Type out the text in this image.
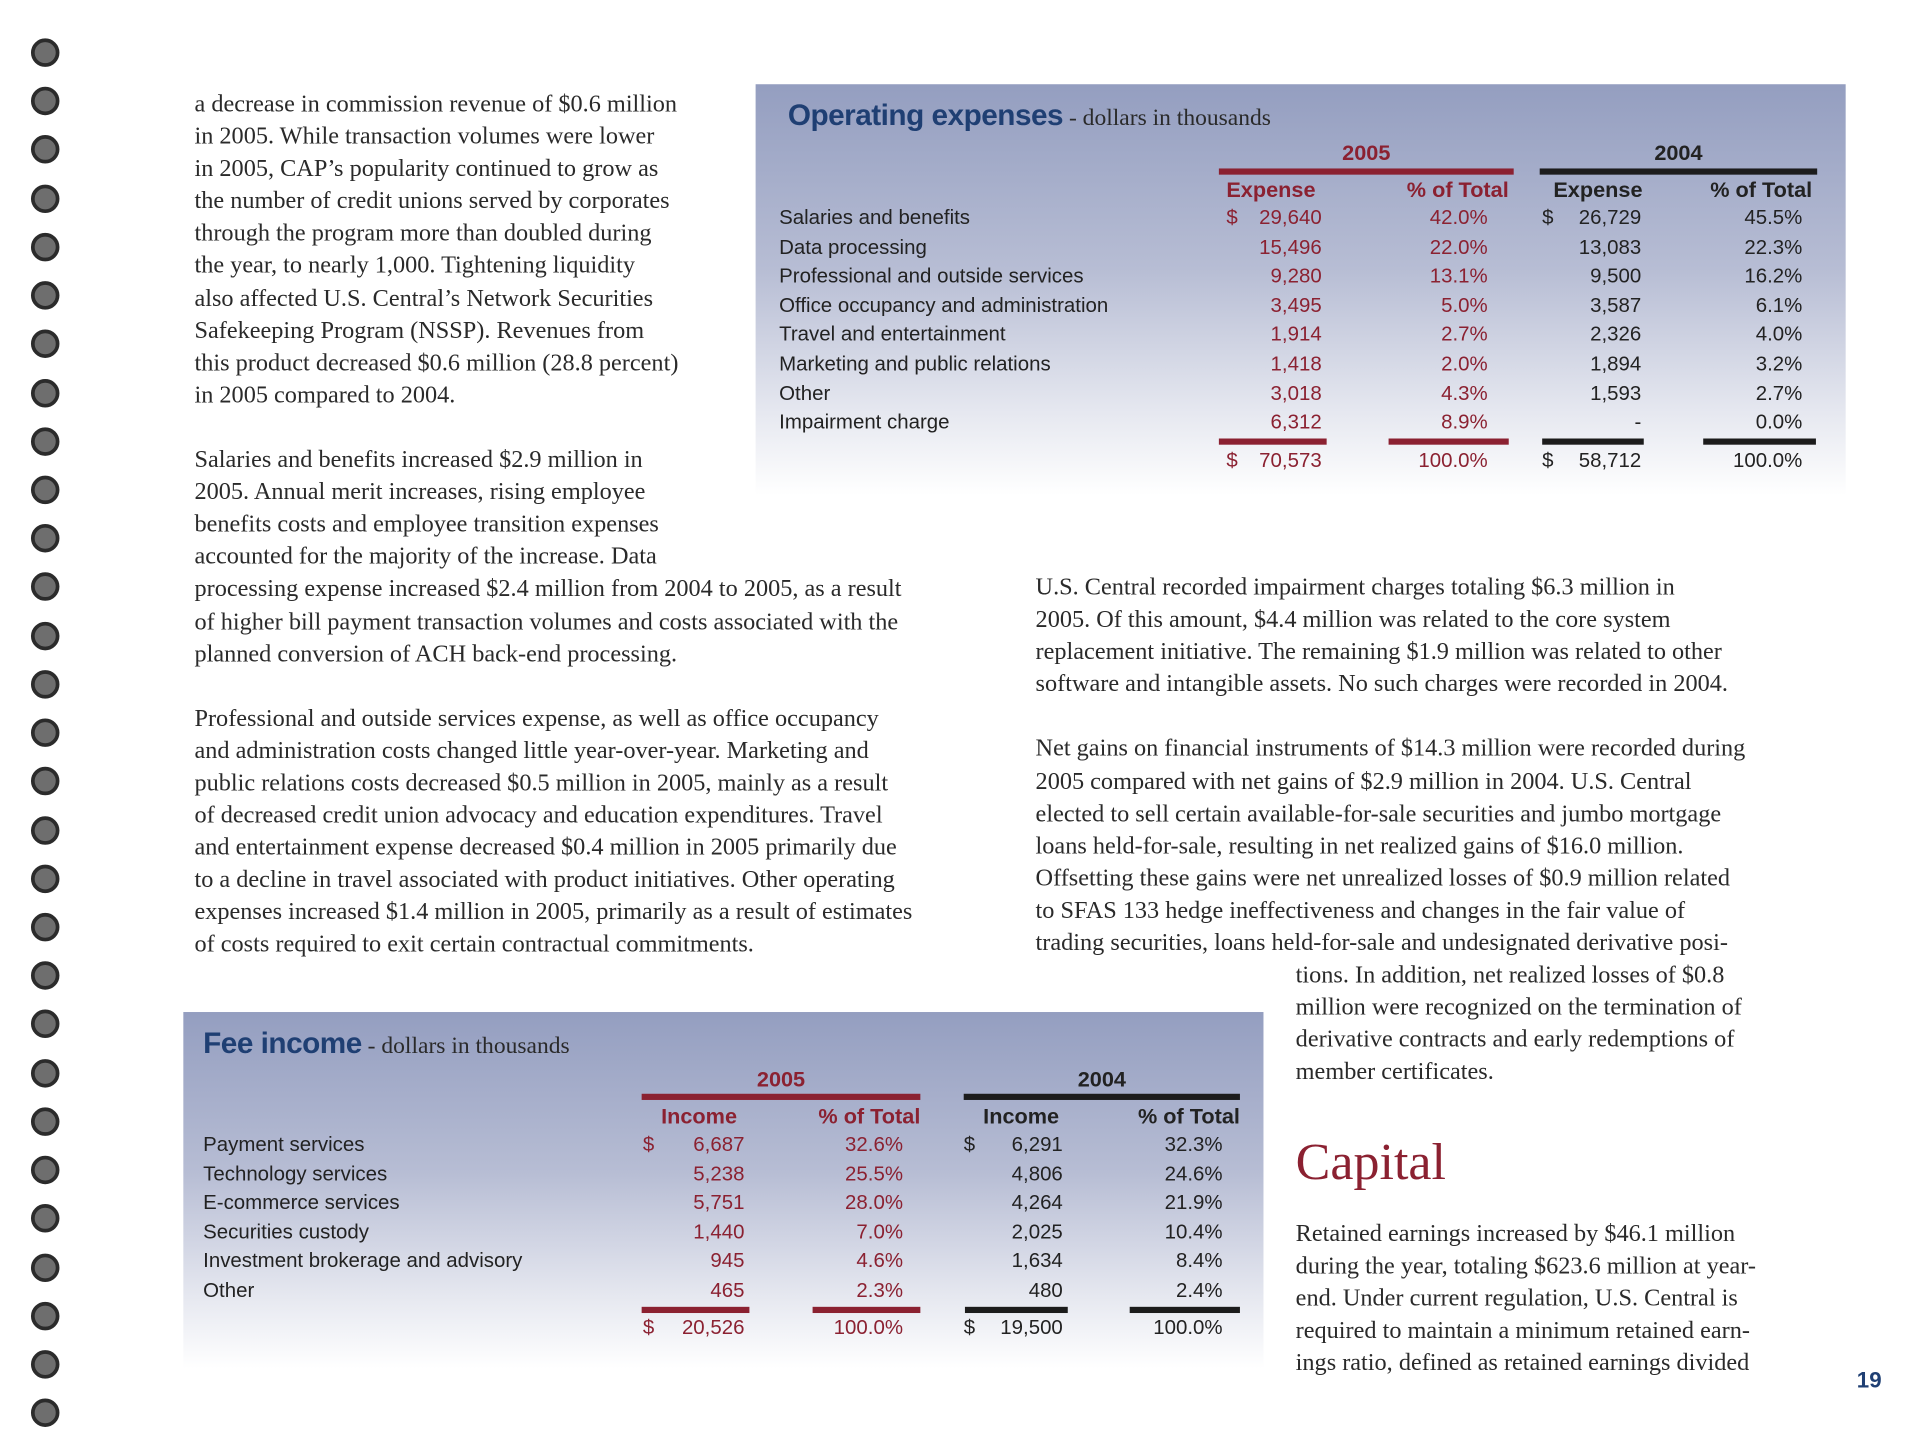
a decrease in commission revenue of $0.6 million
in 2005. While transaction volumes were lower
in 2005, CAP’s popularity continued to grow as
the number of credit unions served by corporates
through the program more than doubled during
the year, to nearly 1,000. Tightening liquidity
also affected U.S. Central’s Network Securities
Safekeeping Program (NSSP). Revenues from
this product decreased $0.6 million (28.8 percent)
in 2005 compared to 2004.
Salaries and benefits increased $2.9 million in
2005. Annual merit increases, rising employee
benefits costs and employee transition expenses
accounted for the majority of the increase. Data
processing expense increased $2.4 million from 2004 to 2005, as a result
of higher bill payment transaction volumes and costs associated with the
planned conversion of ACH back-end processing.
Professional and outside services expense, as well as office occupancy
and administration costs changed little year-over-year. Marketing and
public relations costs decreased $0.5 million in 2005, mainly as a result
of decreased credit union advocacy and education expenditures. Travel
and entertainment expense decreased $0.4 million in 2005 primarily due
to a decline in travel associated with product initiatives. Other operating
expenses increased $1.4 million in 2005, primarily as a result of estimates
of costs required to exit certain contractual commitments.
U.S. Central recorded impairment charges totaling $6.3 million in
2005. Of this amount, $4.4 million was related to the core system
replacement initiative. The remaining $1.9 million was related to other
software and intangible assets. No such charges were recorded in 2004.
Net gains on financial instruments of $14.3 million were recorded during
2005 compared with net gains of $2.9 million in 2004. U.S. Central
elected to sell certain available-for-sale securities and jumbo mortgage
loans held-for-sale, resulting in net realized gains of $16.0 million.
Offsetting these gains were net unrealized losses of $0.9 million related
to SFAS 133 hedge ineffectiveness and changes in the fair value of
trading securities, loans held-for-sale and undesignated derivative posi-
tions. In addition, net realized losses of $0.8
million were recognized on the termination of
derivative contracts and early redemptions of
member certificates.
Capital
Retained earnings increased by $46.1 million
during the year, totaling $623.6 million at year-
end. Under current regulation, U.S. Central is
required to maintain a minimum retained earn-
ings ratio, defined as retained earnings divided
Operating expenses - dollars in thousands
2005	2004
Expense	% of Total	Expense	% of Total
Salaries and benefits	$ 29,640	42.0%	$ 26,729	45.5%
Data processing	15,496	22.0%	13,083	22.3%
Professional and outside services	9,280	13.1%	9,500	16.2%
Office occupancy and administration	3,495	5.0%	3,587	6.1%
Travel and entertainment	1,914	2.7%	2,326	4.0%
Marketing and public relations	1,418	2.0%	1,894	3.2%
Other	3,018	4.3%	1,593	2.7%
Impairment charge	6,312	8.9%	-	0.0%
$ 70,573	100.0%	$ 58,712	100.0%
Fee income - dollars in thousands
2005	2004
Income	% of Total	Income	% of Total
Payment services	$ 6,687	32.6%	$ 6,291	32.3%
Technology services	5,238	25.5%	4,806	24.6%
E-commerce services	5,751	28.0%	4,264	21.9%
Securities custody	1,440	7.0%	2,025	10.4%
Investment brokerage and advisory	945	4.6%	1,634	8.4%
Other	465	2.3%	480	2.4%
$ 20,526	100.0%	$ 19,500	100.0%
19
